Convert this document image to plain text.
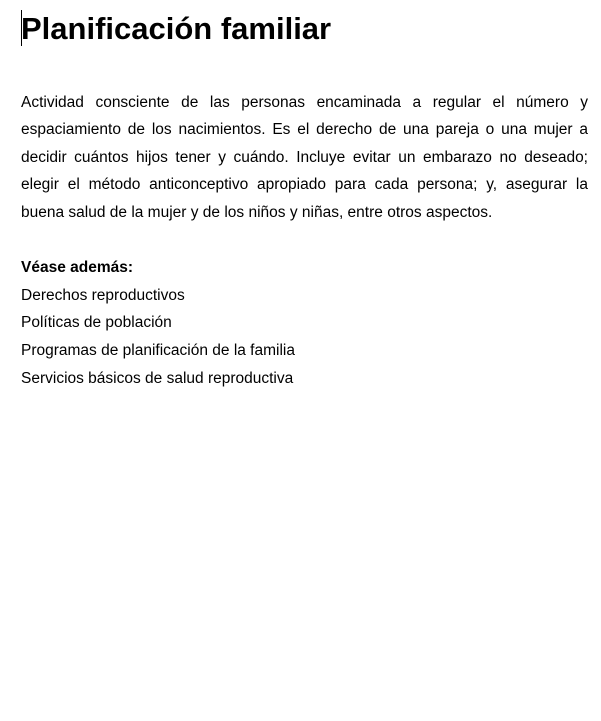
Planificación familiar

Actividad consciente de las personas encaminada a regular el número y espaciamiento de los nacimientos. Es el derecho de una pareja o una mujer a decidir cuántos hijos tener y cuándo. Incluye evitar un embarazo no deseado; elegir el método anticonceptivo apropiado para cada persona; y, asegurar la buena salud de la mujer y de los niños y niñas, entre otros aspectos.

Véase además:
Derechos reproductivos
Políticas de población
Programas de planificación de la familia
Servicios básicos de salud reproductiva
